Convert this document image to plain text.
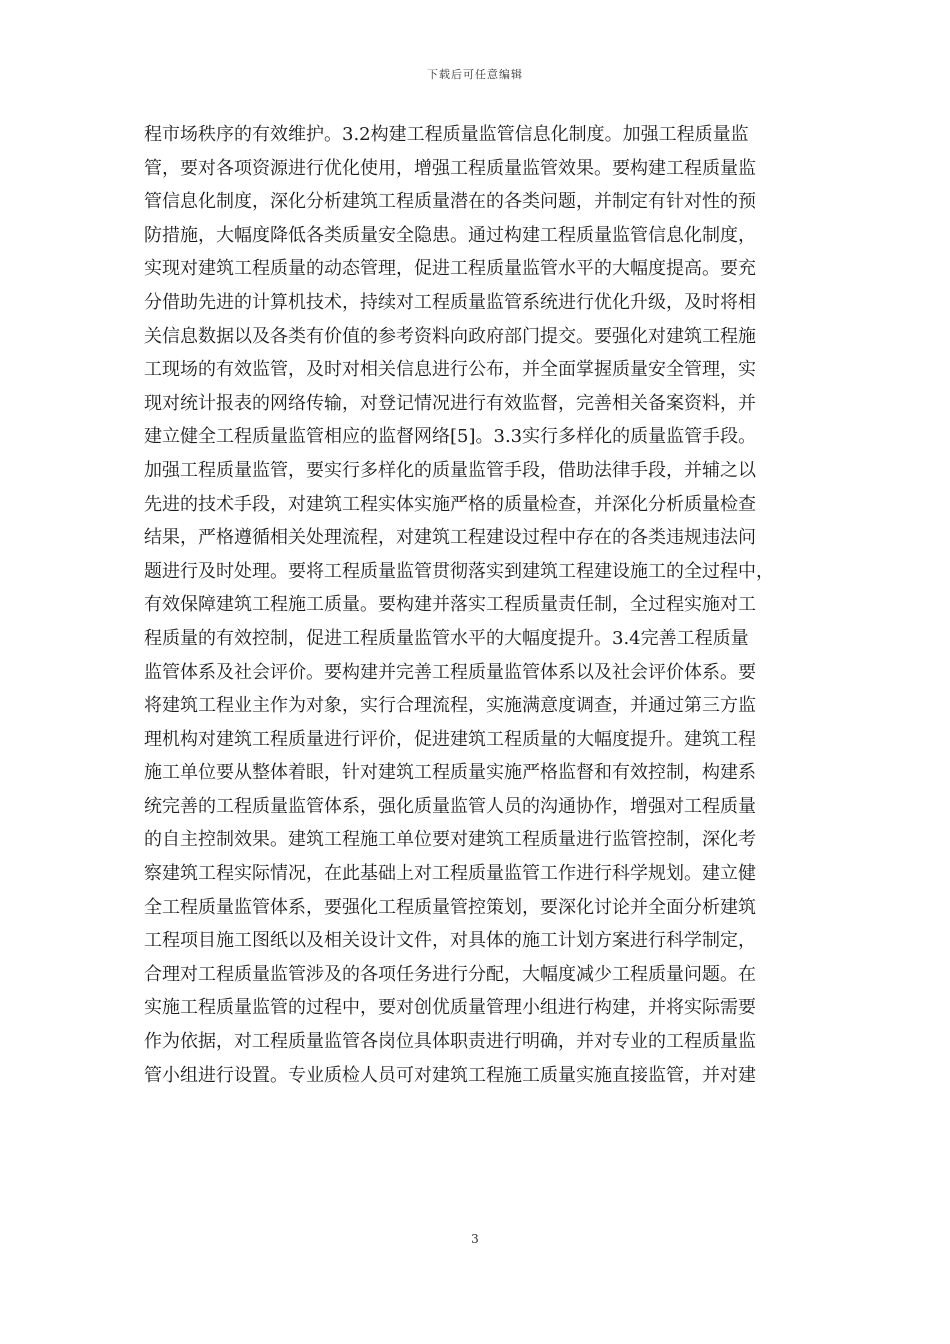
下载后可任意编辑
程市场秩序的有效维护。3.2构建工程质量监管信息化制度。加强工程质量监
管，要对各项资源进行优化使用，增强工程质量监管效果。要构建工程质量监
管信息化制度，深化分析建筑工程质量潜在的各类问题，并制定有针对性的预
防措施，大幅度降低各类质量安全隐患。通过构建工程质量监管信息化制度，
实现对建筑工程质量的动态管理，促进工程质量监管水平的大幅度提高。要充
分借助先进的计算机技术，持续对工程质量监管系统进行优化升级，及时将相
关信息数据以及各类有价值的参考资料向政府部门提交。要强化对建筑工程施
工现场的有效监管，及时对相关信息进行公布，并全面掌握质量安全管理，实
现对统计报表的网络传输，对登记情况进行有效监督，完善相关备案资料，并
建立健全工程质量监管相应的监督网络[5]。3.3实行多样化的质量监管手段。
加强工程质量监管，要实行多样化的质量监管手段，借助法律手段，并辅之以
先进的技术手段，对建筑工程实体实施严格的质量检查，并深化分析质量检查
结果，严格遵循相关处理流程，对建筑工程建设过程中存在的各类违规违法问
题进行及时处理。要将工程质量监管贯彻落实到建筑工程建设施工的全过程中，
有效保障建筑工程施工质量。要构建并落实工程质量责任制，全过程实施对工
程质量的有效控制，促进工程质量监管水平的大幅度提升。3.4完善工程质量
监管体系及社会评价。要构建并完善工程质量监管体系以及社会评价体系。要
将建筑工程业主作为对象，实行合理流程，实施满意度调查，并通过第三方监
理机构对建筑工程质量进行评价，促进建筑工程质量的大幅度提升。建筑工程
施工单位要从整体着眼，针对建筑工程质量实施严格监督和有效控制，构建系
统完善的工程质量监管体系，强化质量监管人员的沟通协作，增强对工程质量
的自主控制效果。建筑工程施工单位要对建筑工程质量进行监管控制，深化考
察建筑工程实际情况，在此基础上对工程质量监管工作进行科学规划。建立健
全工程质量监管体系，要强化工程质量管控策划，要深化讨论并全面分析建筑
工程项目施工图纸以及相关设计文件，对具体的施工计划方案进行科学制定，
合理对工程质量监管涉及的各项任务进行分配，大幅度减少工程质量问题。在
实施工程质量监管的过程中，要对创优质量管理小组进行构建，并将实际需要
作为依据，对工程质量监管各岗位具体职责进行明确，并对专业的工程质量监
管小组进行设置。专业质检人员可对建筑工程施工质量实施直接监管，并对建
3
